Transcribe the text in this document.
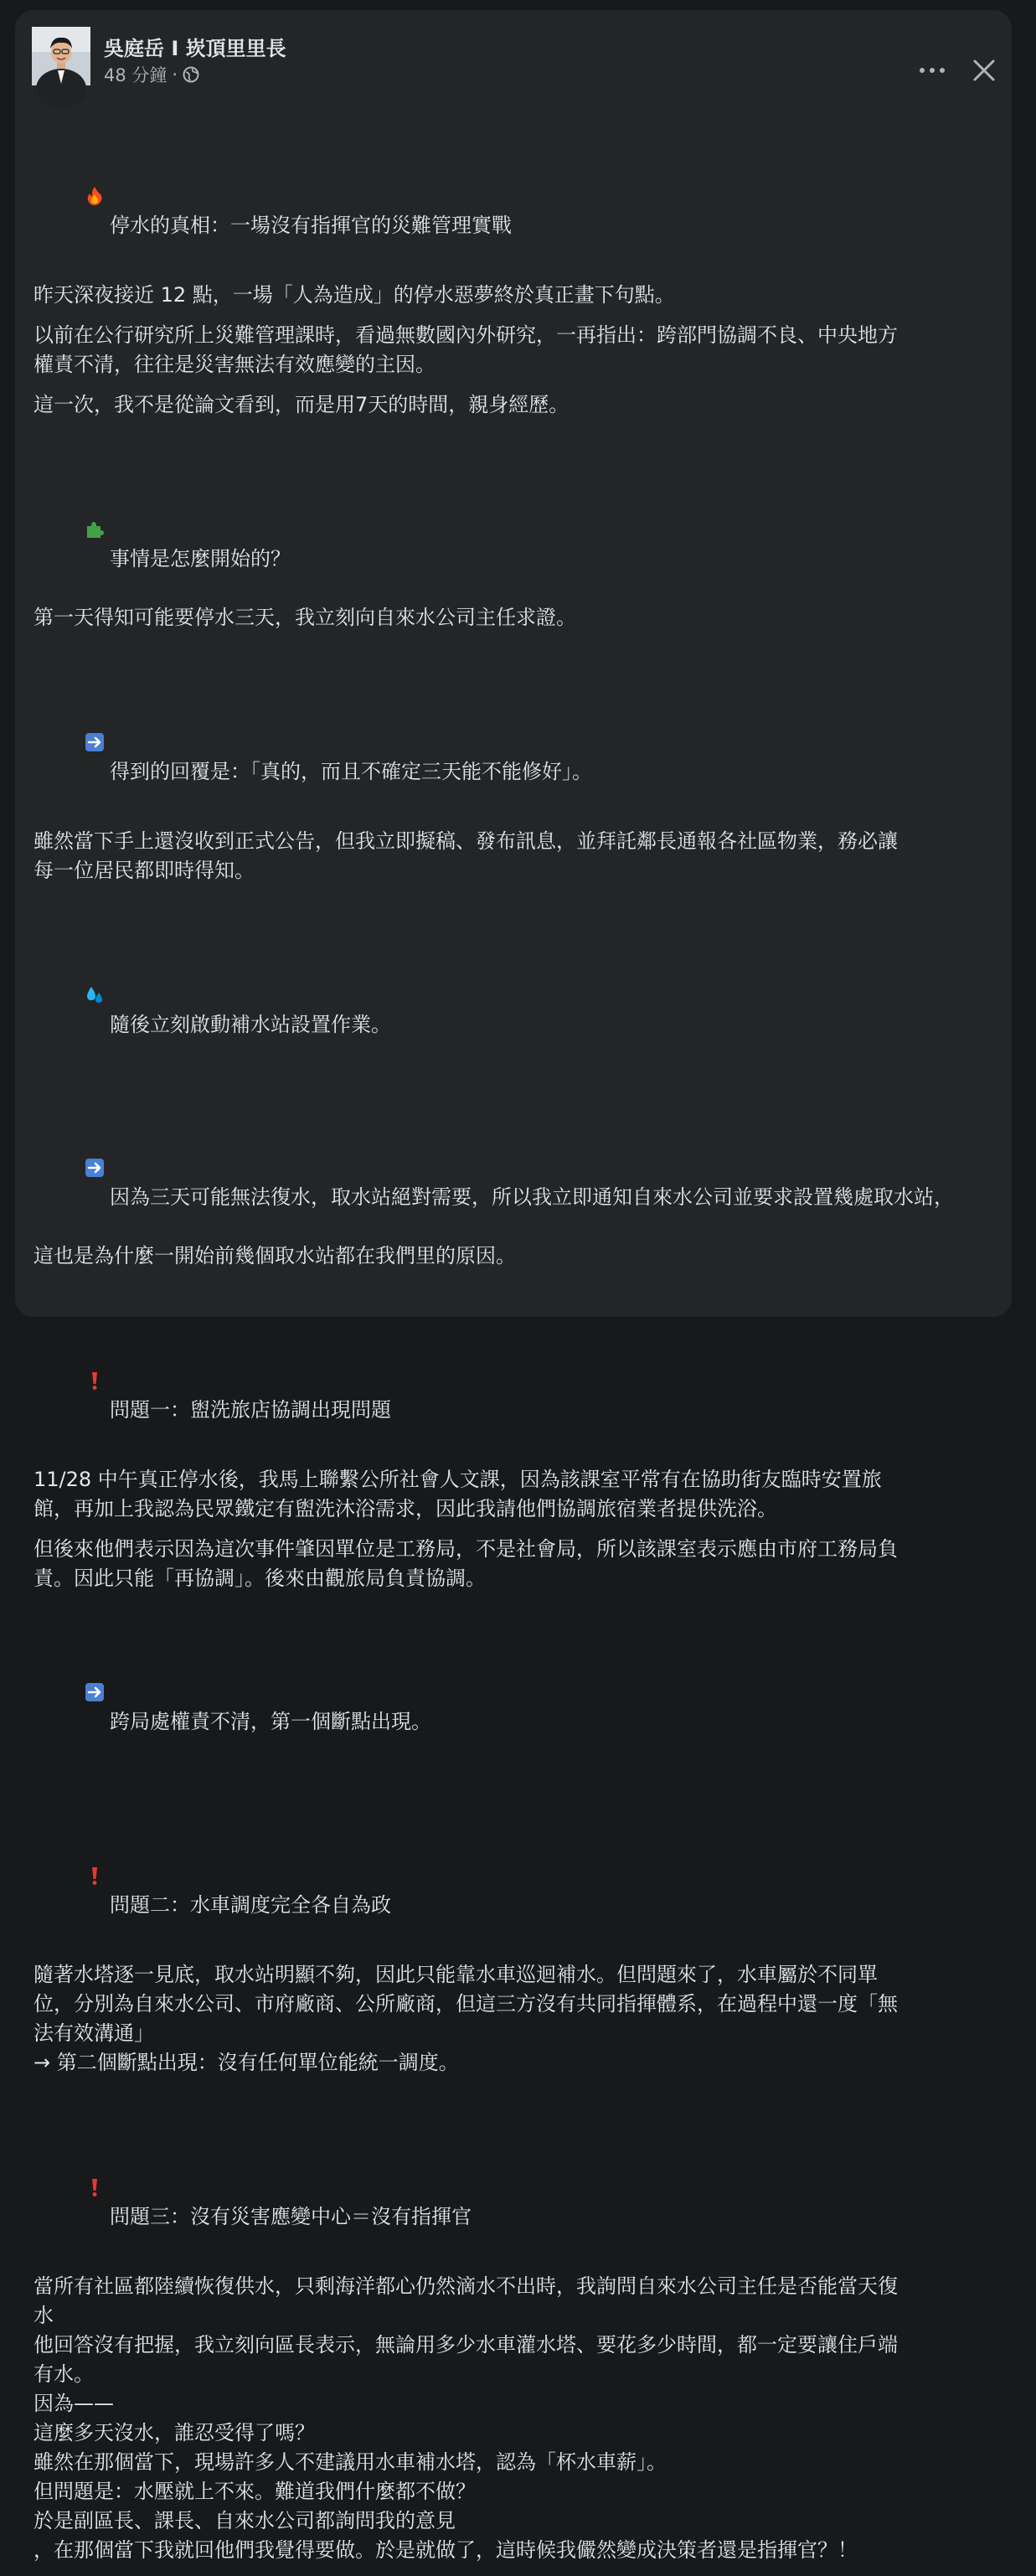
吳庭岳 I 崁頂里里長
48 分鐘 ·

停水的真相：一場沒有指揮官的災難管理實戰

昨天深夜接近 12 點，一場「人為造成」的停水惡夢終於真正畫下句點。
以前在公行研究所上災難管理課時，看過無數國內外研究，一再指出：跨部門協調不良、中央地方
權責不清，往往是災害無法有效應變的主因。
這一次，我不是從論文看到，而是用7天的時間，親身經歷。

事情是怎麼開始的？

第一天得知可能要停水三天，我立刻向自來水公司主任求證。

得到的回覆是：「真的，而且不確定三天能不能修好」。

雖然當下手上還沒收到正式公告，但我立即擬稿、發布訊息，並拜託鄰長通報各社區物業，務必讓
每一位居民都即時得知。

隨後立刻啟動補水站設置作業。

因為三天可能無法復水，取水站絕對需要，所以我立即通知自來水公司並要求設置幾處取水站，

這也是為什麼一開始前幾個取水站都在我們里的原因。

問題一：盥洗旅店協調出現問題

11/28 中午真正停水後，我馬上聯繫公所社會人文課，因為該課室平常有在協助街友臨時安置旅
館，再加上我認為民眾鐵定有盥洗沐浴需求，因此我請他們協調旅宿業者提供洗浴。
但後來他們表示因為這次事件肇因單位是工務局，不是社會局，所以該課室表示應由市府工務局負
責。因此只能「再協調」。後來由觀旅局負責協調。

跨局處權責不清，第一個斷點出現。

問題二：水車調度完全各自為政

隨著水塔逐一見底，取水站明顯不夠，因此只能靠水車巡迴補水。但問題來了，水車屬於不同單
位，分別為自來水公司、市府廠商、公所廠商，但這三方沒有共同指揮體系，在過程中還一度「無
法有效溝通」
→ 第二個斷點出現：沒有任何單位能統一調度。

問題三：沒有災害應變中心＝沒有指揮官

當所有社區都陸續恢復供水，只剩海洋都心仍然滴水不出時，我詢問自來水公司主任是否能當天復
水
他回答沒有把握，我立刻向區長表示，無論用多少水車灌水塔、要花多少時間，都一定要讓住戶端
有水。
因為——
這麼多天沒水，誰忍受得了嗎？
雖然在那個當下，現場許多人不建議用水車補水塔，認為「杯水車薪」。
但問題是：水壓就上不來。難道我們什麼都不做？
於是副區長、課長、自來水公司都詢問我的意見
，在那個當下我就回他們我覺得要做。於是就做了，這時候我儼然變成決策者還是指揮官？！
